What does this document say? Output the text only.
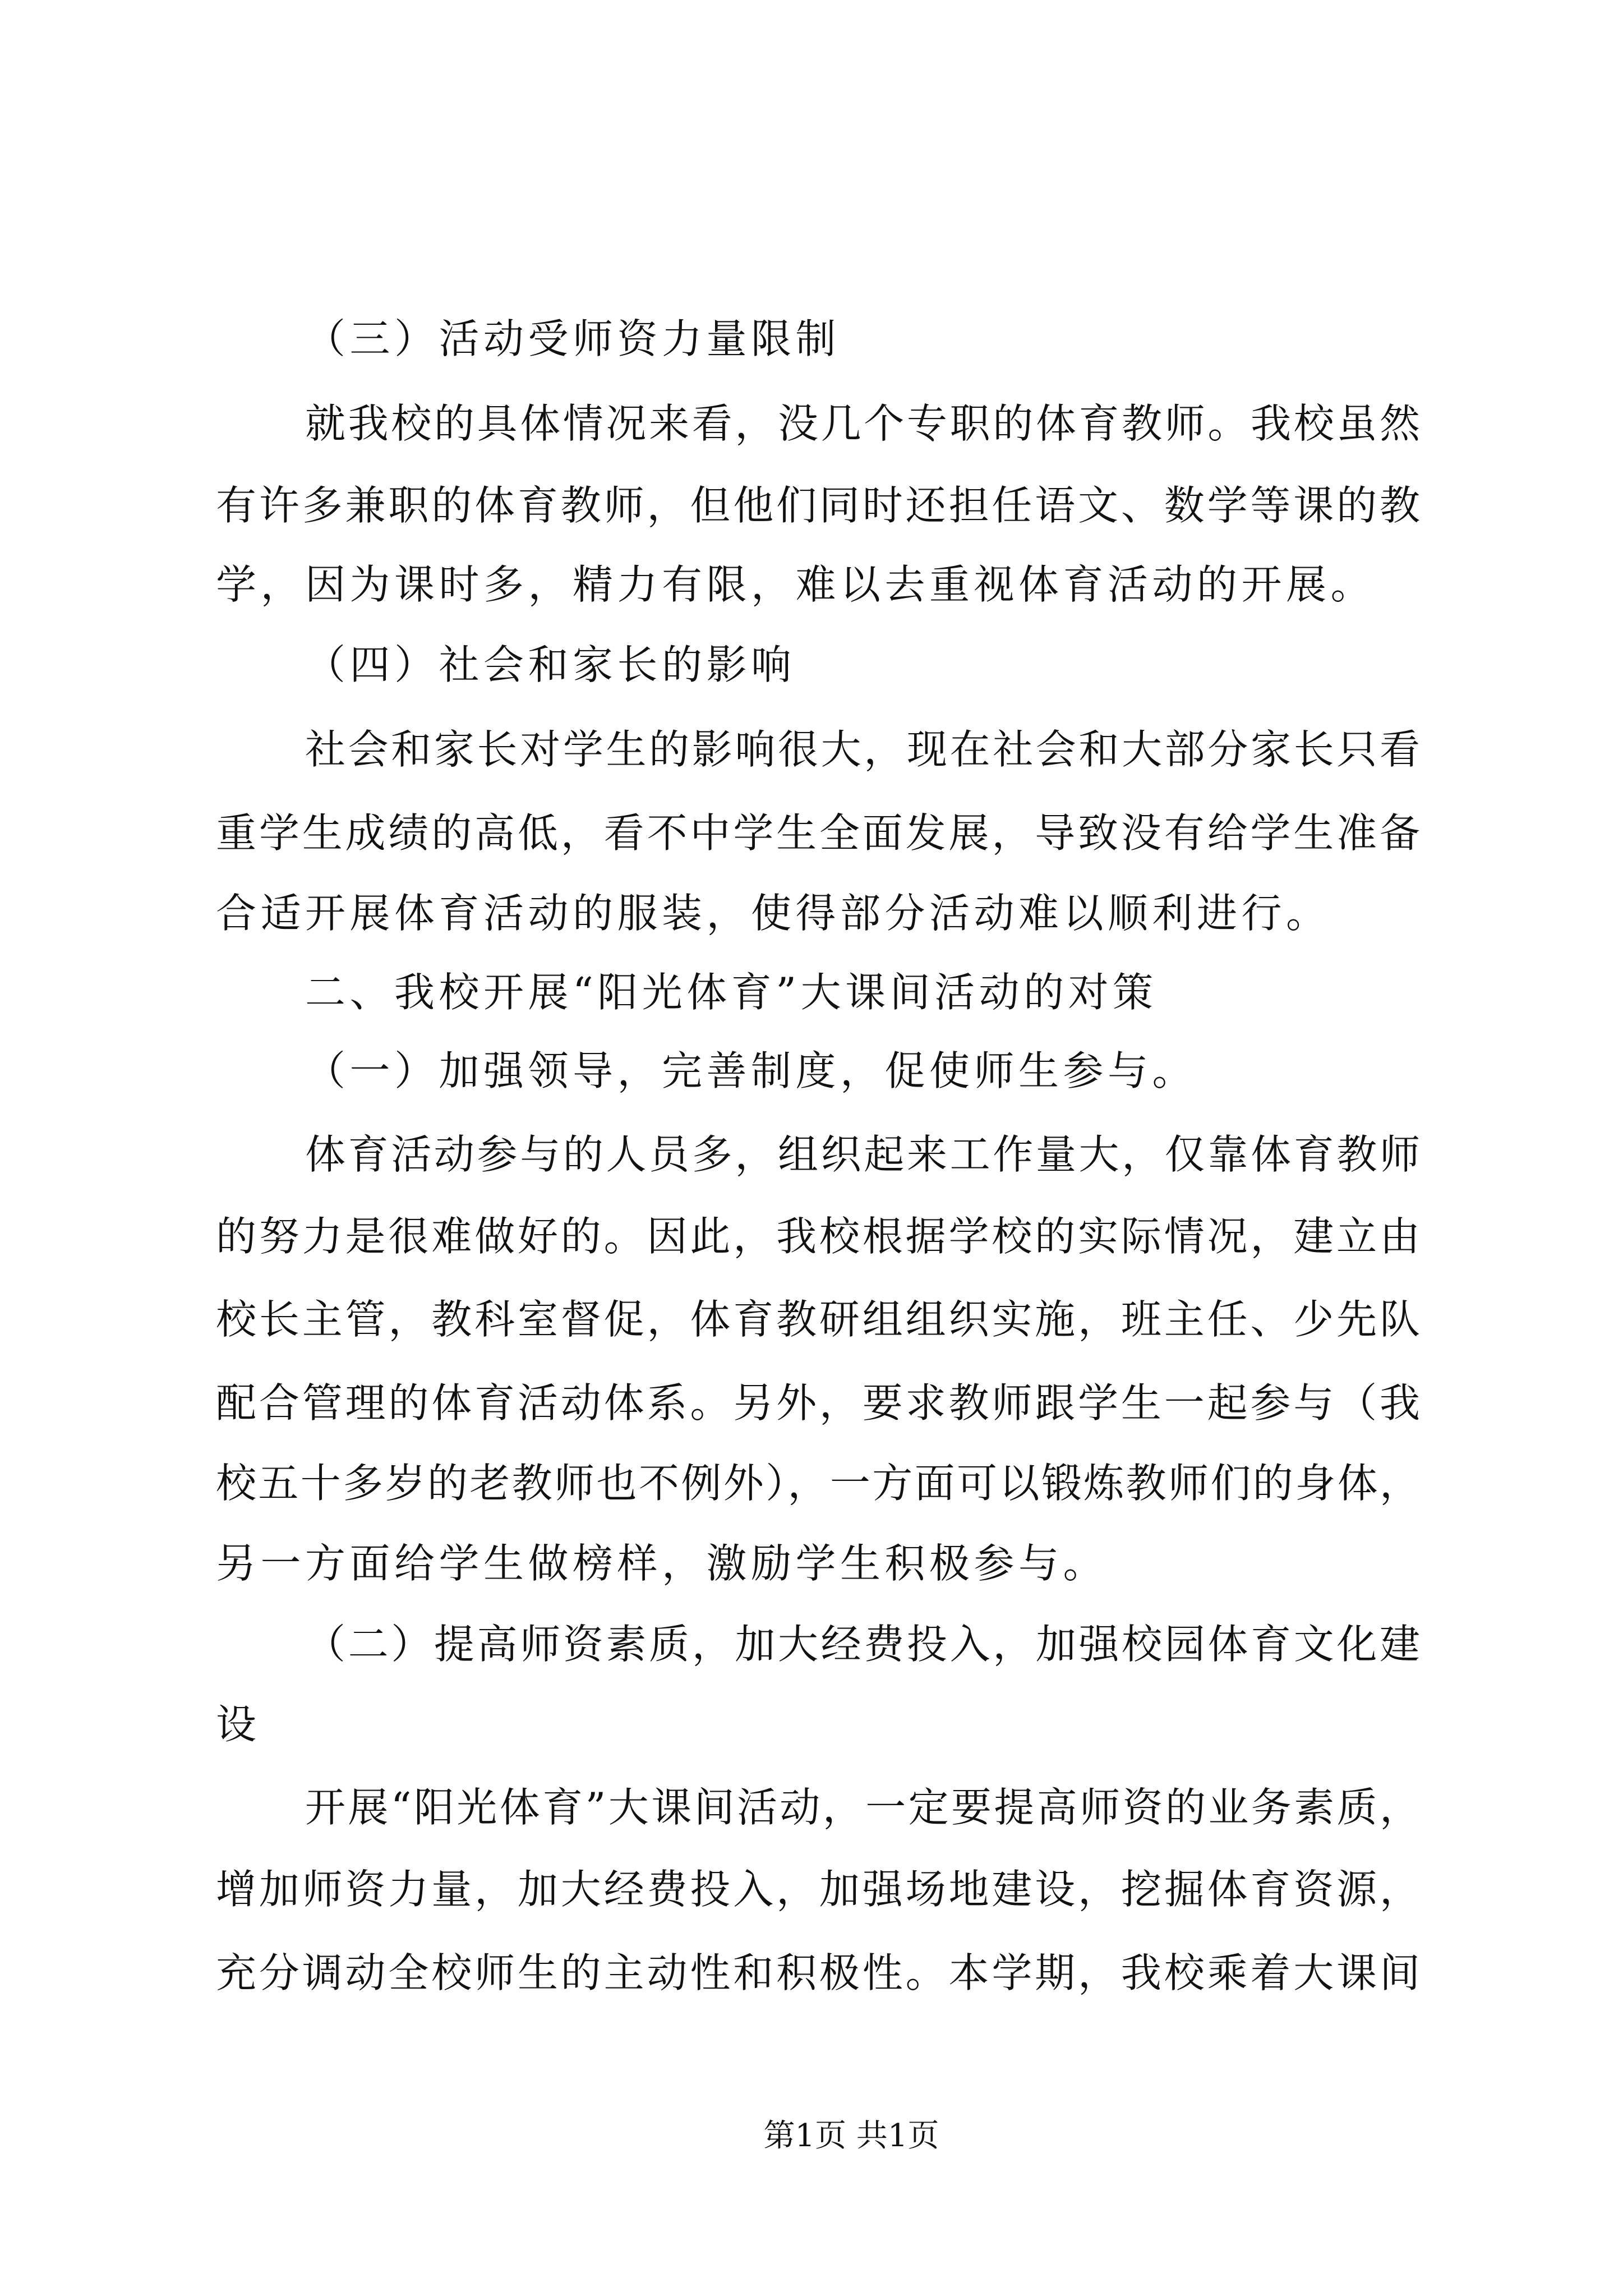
（三）活动受师资力量限制
就我校的具体情况来看，没几个专职的体育教师。我校虽然
有许多兼职的体育教师，但他们同时还担任语文、数学等课的教
学，因为课时多，精力有限，难以去重视体育活动的开展。
（四）社会和家长的影响
社会和家长对学生的影响很大，现在社会和大部分家长只看
重学生成绩的高低，看不中学生全面发展，导致没有给学生准备
合适开展体育活动的服装，使得部分活动难以顺利进行。
二、我校开展“阳光体育”大课间活动的对策
（一）加强领导，完善制度，促使师生参与。
体育活动参与的人员多，组织起来工作量大，仅靠体育教师
的努力是很难做好的。因此，我校根据学校的实际情况，建立由
校长主管，教科室督促，体育教研组组织实施，班主任、少先队
配合管理的体育活动体系。另外，要求教师跟学生一起参与（我
校五十多岁的老教师也不例外），一方面可以锻炼教师们的身体，
另一方面给学生做榜样，激励学生积极参与。
（二）提高师资素质，加大经费投入，加强校园体育文化建
设
开展“阳光体育”大课间活动，一定要提高师资的业务素质，
增加师资力量，加大经费投入，加强场地建设，挖掘体育资源，
充分调动全校师生的主动性和积极性。本学期，我校乘着大课间
第1页 共1页
